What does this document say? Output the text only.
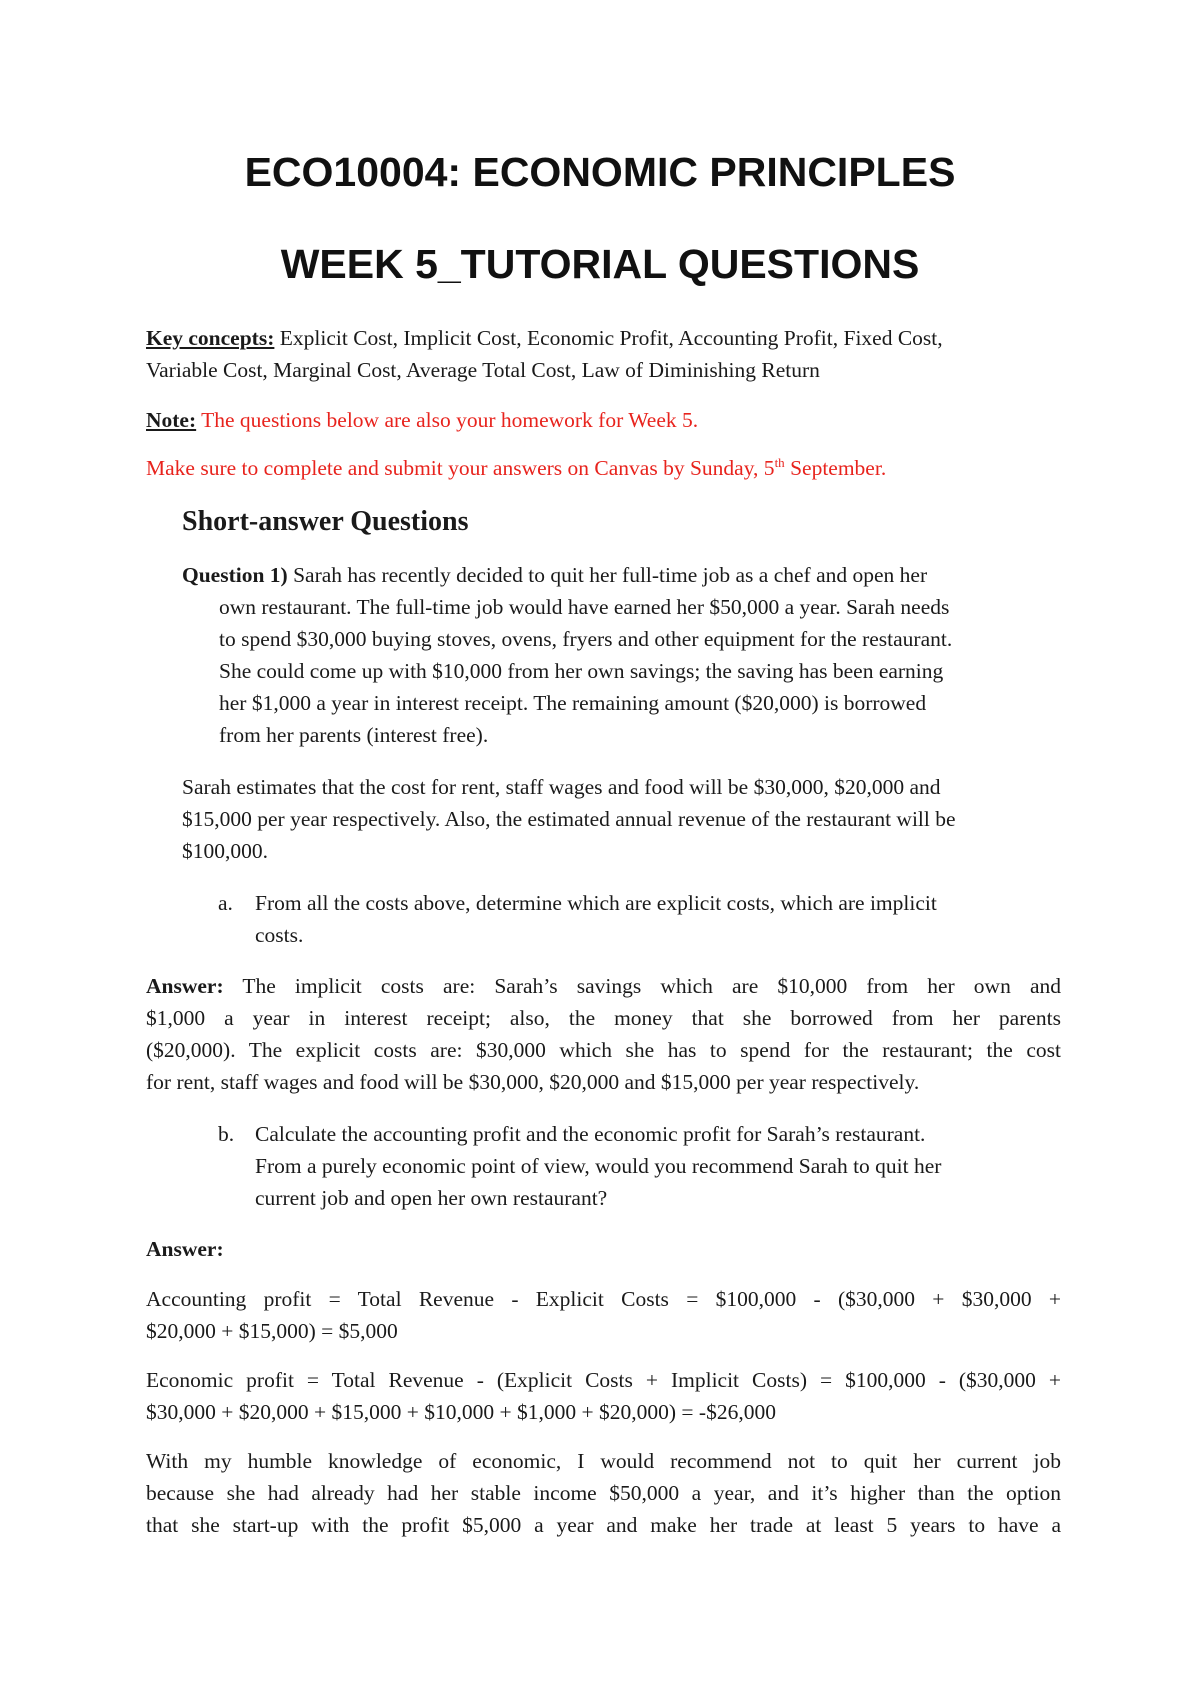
ECO10004: ECONOMIC PRINCIPLES
WEEK 5_TUTORIAL QUESTIONS
Key concepts: Explicit Cost, Implicit Cost, Economic Profit, Accounting Profit, Fixed Cost,
Variable Cost, Marginal Cost, Average Total Cost, Law of Diminishing Return
Note: The questions below are also your homework for Week 5.
Make sure to complete and submit your answers on Canvas by Sunday, 5th September.
Short-answer Questions
Question 1) Sarah has recently decided to quit her full-time job as a chef and open her
own restaurant. The full-time job would have earned her $50,000 a year. Sarah needs
to spend $30,000 buying stoves, ovens, fryers and other equipment for the restaurant.
She could come up with $10,000 from her own savings; the saving has been earning
her $1,000 a year in interest receipt. The remaining amount ($20,000) is borrowed
from her parents (interest free).
Sarah estimates that the cost for rent, staff wages and food will be $30,000, $20,000 and
$15,000 per year respectively. Also, the estimated annual revenue of the restaurant will be
$100,000.
a.	From all the costs above, determine which are explicit costs, which are implicit
costs.
Answer: The implicit costs are: Sarah’s savings which are $10,000 from her own and
$1,000 a year in interest receipt; also, the money that she borrowed from her parents
($20,000). The explicit costs are: $30,000 which she has to spend for the restaurant; the cost
for rent, staff wages and food will be $30,000, $20,000 and $15,000 per year respectively.
b. Calculate the accounting profit and the economic profit for Sarah’s restaurant.
From a purely economic point of view, would you recommend Sarah to quit her
current job and open her own restaurant?
Answer:
Accounting profit = Total Revenue - Explicit Costs = $100,000 - ($30,000 + $30,000 +
$20,000 + $15,000) = $5,000
Economic profit = Total Revenue - (Explicit Costs + Implicit Costs) = $100,000 - ($30,000 +
$30,000 + $20,000 + $15,000 + $10,000 + $1,000 + $20,000) = -$26,000
With my humble knowledge of economic, I would recommend not to quit her current job
because she had already had her stable income $50,000 a year, and it’s higher than the option
that she start-up with the profit $5,000 a year and make her trade at least 5 years to have a
